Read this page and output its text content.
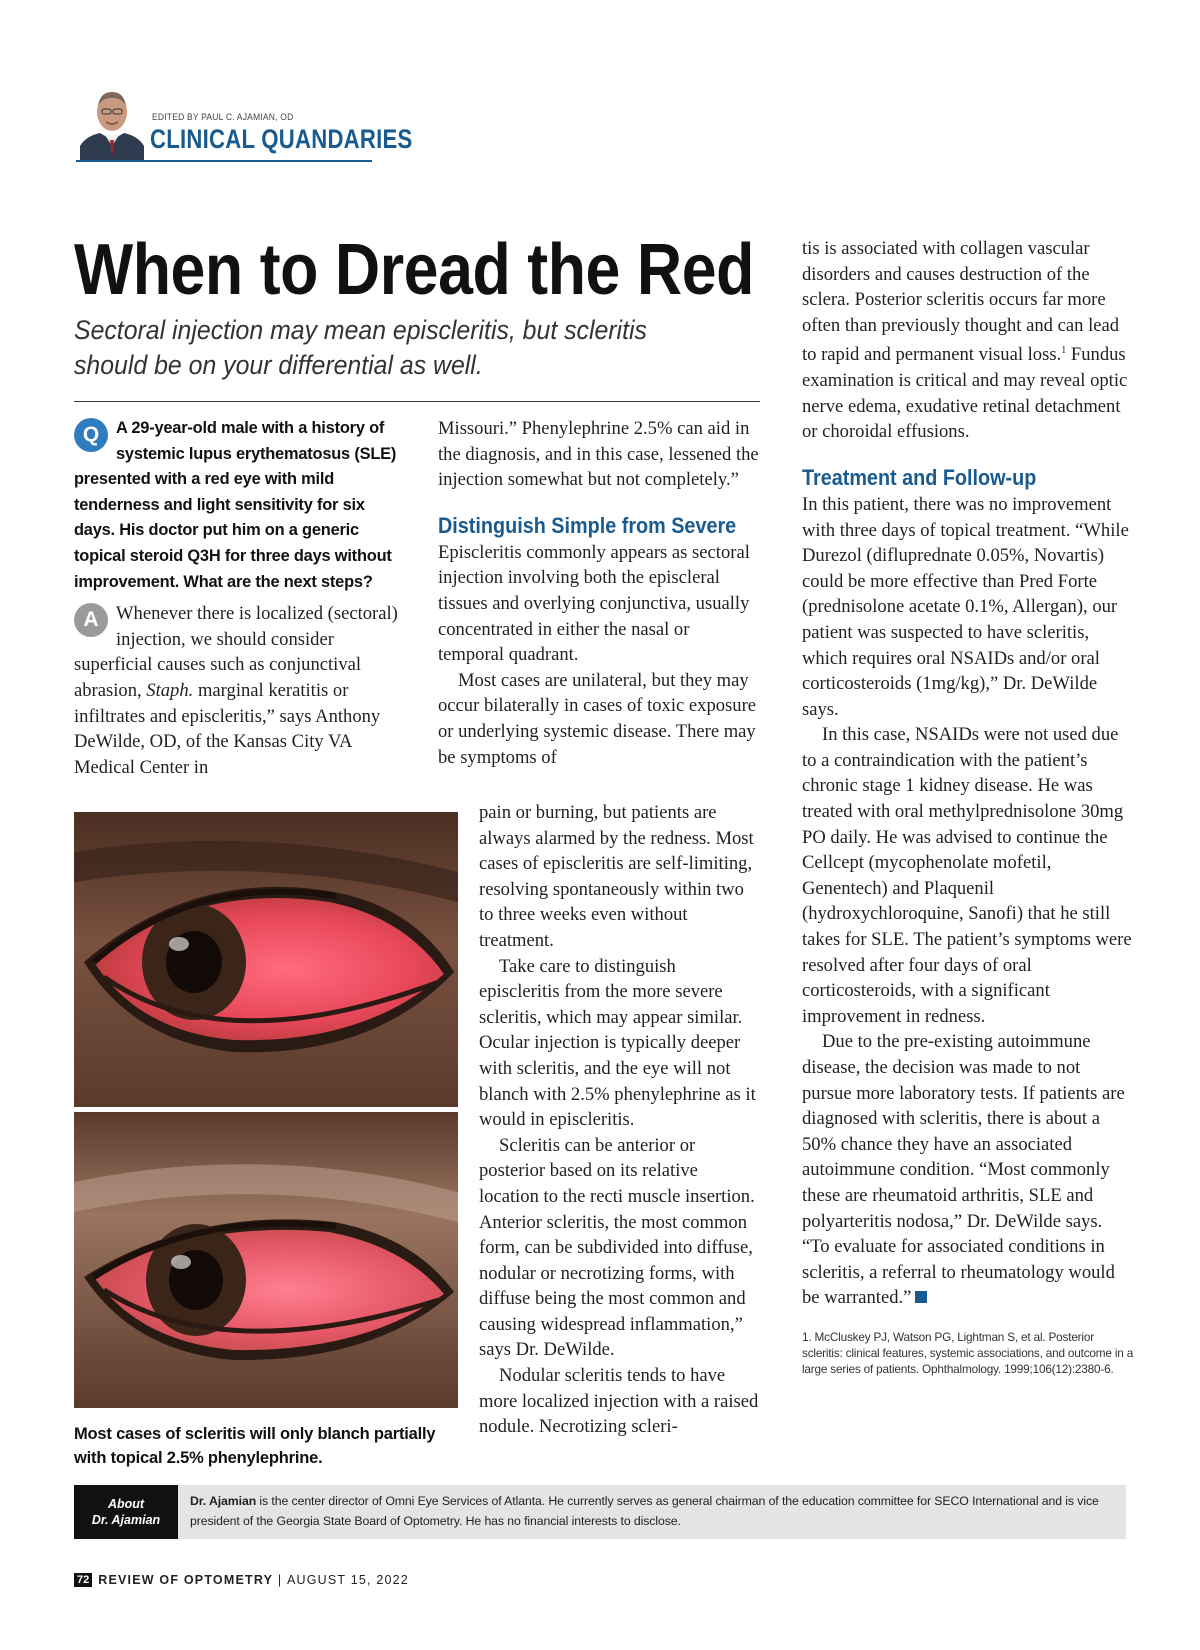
EDITED BY PAUL C. AJAMIAN, OD
CLINICAL QUANDARIES
When to Dread the Red
Sectoral injection may mean episcleritis, but scleritis should be on your differential as well.

Q	A 29-year-old male with a history of systemic lupus erythematosus (SLE) presented with a red eye with mild tenderness and light sensitivity for six days. His doctor put him on a generic topical steroid Q3H for three days without improvement. What are the next steps?

A Whenever there is localized (sectoral) injection, we should consider superficial causes such as conjunctival abrasion, Staph. marginal keratitis or infiltrates and episcleritis,” says Anthony DeWilde, OD, of the Kansas City VA Medical Center in

Most cases of scleritis will only blanch partially with topical 2.5% phenylephrine.

Missouri.” Phenylephrine 2.5% can aid in the diagnosis, and in this case, lessened the injection somewhat but not completely.”

Distinguish Simple from Severe

Episcleritis commonly appears as sectoral injection involving both the episcleral tissues and overlying conjunctiva, usually concentrated in either the nasal or temporal quadrant.

Most cases are unilateral, but they may occur bilaterally in cases of toxic exposure or underlying systemic disease. There may be symptoms of

pain or burning, but patients are always alarmed by the redness. Most cases of episcleritis are self-limiting, resolving spontaneously within two to three weeks even without treatment.

Take care to distinguish episcleritis from the more severe scleritis, which may appear similar. Ocular injection is typically deeper with scleritis, and the eye will not blanch with 2.5% phenylephrine as it would in episcleritis.

Scleritis can be anterior or posterior based on its relative location to the recti muscle insertion. Anterior scleritis, the most common form, can be subdivided into diffuse, nodular or necrotizing forms, with diffuse being the most common and causing widespread inflammation,” says Dr. DeWilde.

Nodular scleritis tends to have more localized injection with a raised nodule. Necrotizing scleri-

tis is associated with collagen vascular disorders and causes destruction of the sclera. Posterior scleritis occurs far more often than previously thought and can lead to rapid and permanent visual loss.$^1$ Fundus examination is critical and may reveal optic nerve edema, exudative retinal detachment or choroidal effusions.

Treatment and Follow-up

In this patient, there was no improvement with three days of topical treatment. “While Durezol (difluprednate 0.05%, Novartis) could be more effective than Pred Forte (prednisolone acetate 0.1%, Allergan), our patient was suspected to have scleritis, which requires oral NSAIDs and/or oral corticosteroids (1mg/kg),” Dr. DeWilde says.

In this case, NSAIDs were not used due to a contraindication with the patient’s chronic stage 1 kidney disease. He was treated with oral methylprednisolone 30mg PO daily. He was advised to continue the Cellcept (mycophenolate mofetil, Genentech) and Plaquenil (hydroxychloroquine, Sanofi) that he still takes for SLE. The patient’s symptoms were resolved after four days of oral corticosteroids, with a significant improvement in redness.

Due to the pre-existing autoimmune disease, the decision was made to not pursue more laboratory tests. If patients are diagnosed with scleritis, there is about a 50% chance they have an associated autoimmune condition. “Most commonly these are rheumatoid arthritis, SLE and polyarteritis nodosa,” Dr. DeWilde says. “To evaluate for associated conditions in scleritis, a referral to rheumatology would be warranted.”

1. McCluskey PJ, Watson PG, Lightman S, et al. Posterior scleritis: clinical features, systemic associations, and outcome in a large series of patients. Ophthalmology. 1999;106(12):2380-6.
About
Dr. Ajamian
Dr. Ajamian is the center director of Omni Eye Services of Atlanta. He currently serves as general chairman of the education committee for SECO International and is vice president of the Georgia State Board of Optometry. He has no financial interests to disclose.
72 REVIEW OF OPTOMETRY | AUGUST 15, 2022
